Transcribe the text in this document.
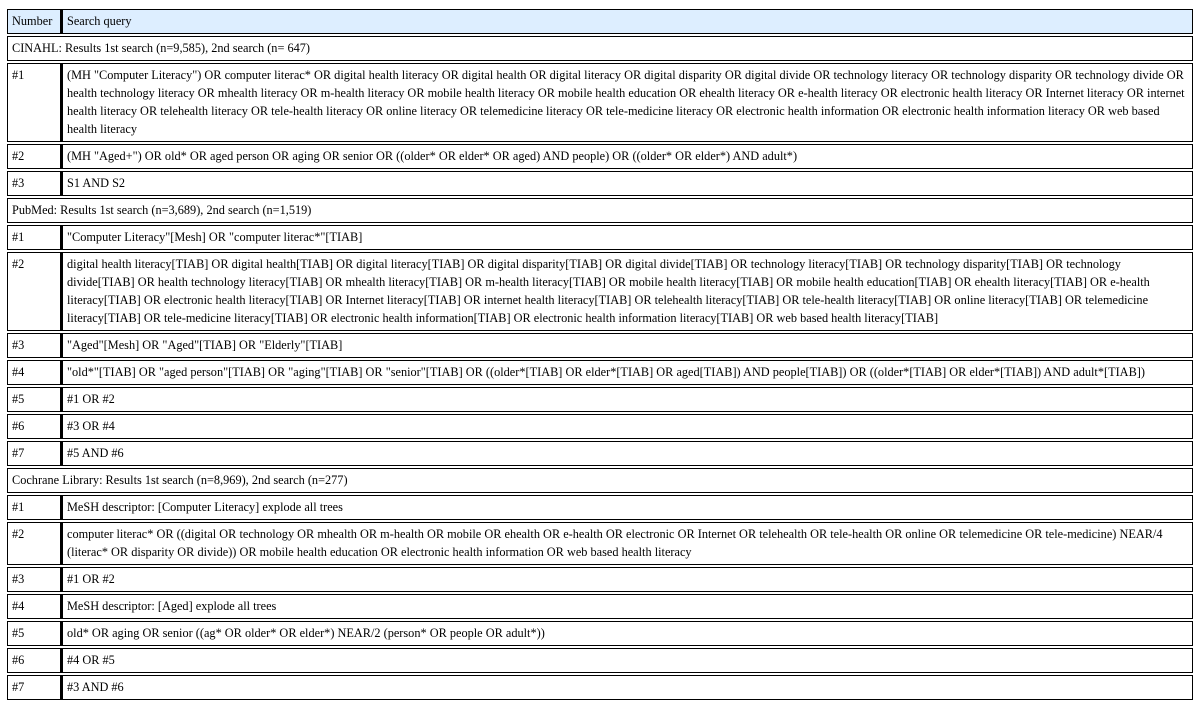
Number	Search query
CINAHL: Results 1st search (n=9,585), 2nd search (n= 647)	
#1	(MH "Computer Literacy") OR computer literac* OR digital health literacy OR digital health OR digital literacy OR digital disparity OR digital divide OR technology literacy OR technology disparity OR technology divide OR health technology literacy OR mhealth literacy OR m-health literacy OR mobile health literacy OR mobile health education OR ehealth literacy OR e-health literacy OR electronic health literacy OR Internet literacy OR internet health literacy OR telehealth literacy OR tele-health literacy OR online literacy OR telemedicine literacy OR tele-medicine literacy OR electronic health information OR electronic health information literacy OR web based health literacy
#2	(MH "Aged+") OR old* OR aged person OR aging OR senior OR ((older* OR elder* OR aged) AND people) OR ((older* OR elder*) AND adult*)
#3	S1 AND S2
PubMed: Results 1st search (n=3,689), 2nd search (n=1,519)	
#1	"Computer Literacy"[Mesh] OR "computer literac*"[TIAB]
#2	digital health literacy[TIAB] OR digital health[TIAB] OR digital literacy[TIAB] OR digital disparity[TIAB] OR digital divide[TIAB] OR technology literacy[TIAB] OR technology disparity[TIAB] OR technology divide[TIAB] OR health technology literacy[TIAB] OR mhealth literacy[TIAB] OR m-health literacy[TIAB] OR mobile health literacy[TIAB] OR mobile health education[TIAB] OR ehealth literacy[TIAB] OR e-health literacy[TIAB] OR electronic health literacy[TIAB] OR Internet literacy[TIAB] OR internet health literacy[TIAB] OR telehealth literacy[TIAB] OR tele-health literacy[TIAB] OR online literacy[TIAB] OR telemedicine literacy[TIAB] OR tele-medicine literacy[TIAB] OR electronic health information[TIAB] OR electronic health information literacy[TIAB] OR web based health literacy[TIAB]
#3	"Aged"[Mesh] OR "Aged"[TIAB] OR "Elderly"[TIAB]
#4	"old*"[TIAB] OR "aged person"[TIAB] OR "aging"[TIAB] OR "senior"[TIAB] OR ((older*[TIAB] OR elder*[TIAB] OR aged[TIAB]) AND people[TIAB]) OR ((older*[TIAB] OR elder*[TIAB]) AND adult*[TIAB])
#5	#1 OR #2
#6	#3 OR #4
#7	#5 AND #6
Cochrane Library: Results 1st search (n=8,969), 2nd search (n=277)	
#1	MeSH descriptor: [Computer Literacy] explode all trees
#2	computer literac* OR ((digital OR technology OR mhealth OR m-health OR mobile OR ehealth OR e-health OR electronic OR Internet OR telehealth OR tele-health OR online OR telemedicine OR tele-medicine) NEAR/4 (literac* OR disparity OR divide)) OR mobile health education OR electronic health information OR web based health literacy
#3	#1 OR #2
#4	MeSH descriptor: [Aged] explode all trees
#5	old* OR aging OR senior ((ag* OR older* OR elder*) NEAR/2 (person* OR people OR adult*))
#6	#4 OR #5
#7	#3 AND #6
